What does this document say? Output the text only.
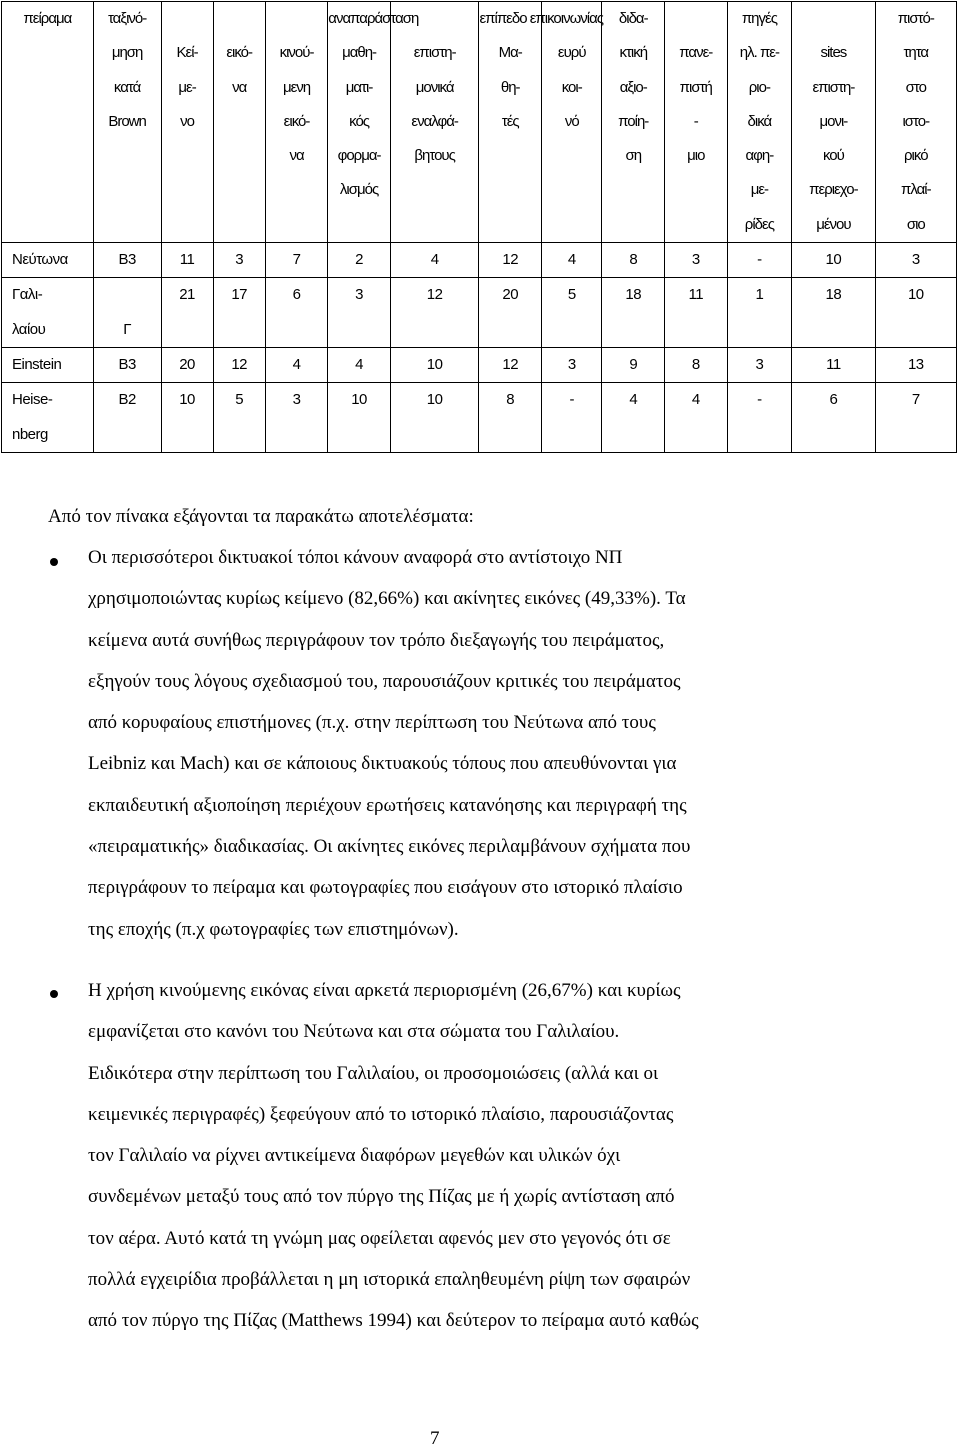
πείραμα	ταξινό-				αναπαράσταση		επίπεδο επικοινωνίας		διδα-		πηγές		πιστό-
	μηση	Κεί-	εικό-	κινού-	μαθη-	επιστη-	Μα-	ευρύ	κτική	πανε-	ηλ. πε-	sites	τητα
	κατά	με-	να	μενη	ματι-	μονικά	θη-	κοι-	αξιο-	πιστή	ριο-	επιστη-	στο
	Brown	νο		εικό-	κός	εναλφά-	τές	νό	ποίη-	-	δικά	μονι-	ιστο-
				να	φορμα-	βητους			ση	μιο	αφη-	κού	ρικό
					λισμός						με-	περιεχο-	πλαί-
											ρίδες	μένου	σιο
Νεύτωνα	B3	11	3	7	2	4	12	4	8	3	-	10	3
Γαλι-		21	17	6	3	12	20	5	18	11	1	18	10
λαίου	Γ												
Einstein	B3	20	12	4	4	10	12	3	9	8	3	11	13
Heise-	B2	10	5	3	10	10	8	-	4	4	-	6	7
nberg													
Από τον πίνακα εξάγονται τα παρακάτω αποτελέσματα:
Οι περισσότεροι δικτυακοί τόποι κάνουν αναφορά στο αντίστοιχο ΝΠ
χρησιμοποιώντας κυρίως κείμενο (82,66%) και ακίνητες εικόνες (49,33%). Τα
κείμενα αυτά συνήθως περιγράφουν τον τρόπο διεξαγωγής του πειράματος,
εξηγούν τους λόγους σχεδιασμού του, παρουσιάζουν κριτικές του πειράματος
από κορυφαίους επιστήμονες (π.χ. στην περίπτωση του Νεύτωνα από τους
Leibniz και Mach) και σε κάποιους δικτυακούς τόπους που απευθύνονται για
εκπαιδευτική αξιοποίηση περιέχουν ερωτήσεις κατανόησης και περιγραφή της
«πειραματικής» διαδικασίας. Οι ακίνητες εικόνες περιλαμβάνουν σχήματα που
περιγράφουν το πείραμα και φωτογραφίες που εισάγουν στο ιστορικό πλαίσιο
της εποχής (π.χ φωτογραφίες των επιστημόνων).
Η χρήση κινούμενης εικόνας είναι αρκετά περιορισμένη (26,67%) και κυρίως
εμφανίζεται στο κανόνι του Νεύτωνα και στα σώματα του Γαλιλαίου.
Ειδικότερα στην περίπτωση του Γαλιλαίου, οι προσομοιώσεις (αλλά και οι
κειμενικές περιγραφές) ξεφεύγουν από το ιστορικό πλαίσιο, παρουσιάζοντας
τον Γαλιλαίο να ρίχνει αντικείμενα διαφόρων μεγεθών και υλικών όχι
συνδεμένων μεταξύ τους από τον πύργο της Πίζας με ή χωρίς αντίσταση από
τον αέρα. Αυτό κατά τη γνώμη μας οφείλεται αφενός μεν στο γεγονός ότι σε
πολλά εγχειρίδια προβάλλεται η μη ιστορικά επαληθευμένη ρίψη των σφαιρών
από τον πύργο της Πίζας (Matthews 1994) και δεύτερον το πείραμα αυτό καθώς
7
